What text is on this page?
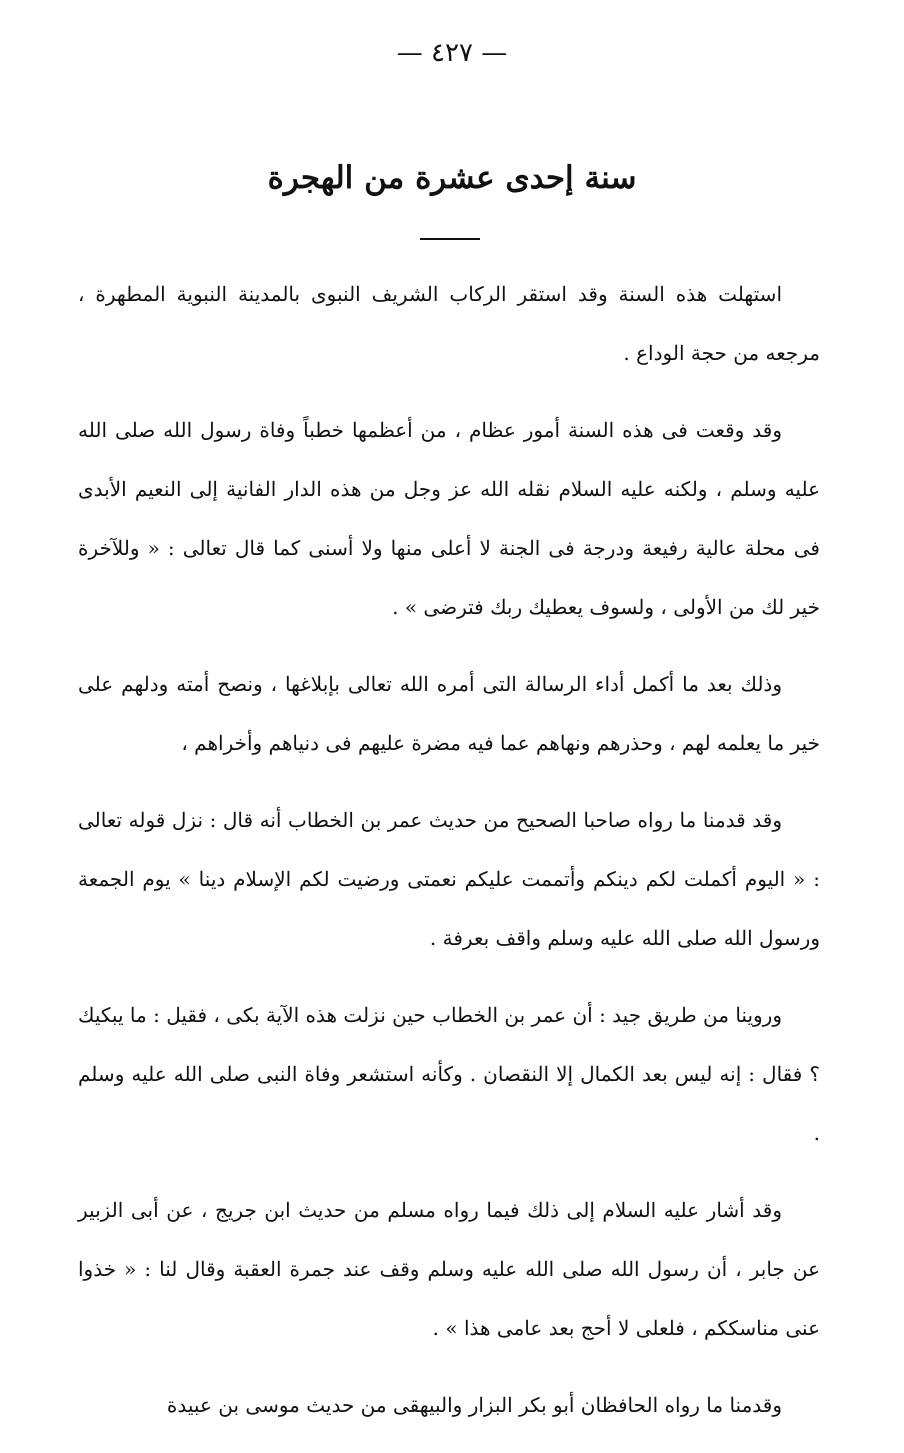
— ٤٢٧ —
سنة إحدى عشرة من الهجرة

استهلت هذه السنة وقد استقر الركاب الشريف النبوى بالمدينة النبوية المطهرة ، مرجعه من حجة الوداع .

وقد وقعت فى هذه السنة أمور عظام ، من أعظمها خطباً وفاة رسول الله صلى الله عليه وسلم ، ولكنه عليه السلام نقله الله عز وجل من هذه الدار الفانية إلى النعيم الأبدى فى محلة عالية رفيعة ودرجة فى الجنة لا أعلى منها ولا أسنى كما قال تعالى : « وللآخرة خير لك من الأولى ، ولسوف يعطيك ربك فترضى » .

وذلك بعد ما أكمل أداء الرسالة التى أمره الله تعالى بإبلاغها ، ونصح أمته ودلهم على خير ما يعلمه لهم ، وحذرهم ونهاهم عما فيه مضرة عليهم فى دنياهم وأخراهم ،

وقد قدمنا ما رواه صاحبا الصحيح من حديث عمر بن الخطاب أنه قال : نزل قوله تعالى : « اليوم أكملت لكم دينكم وأتممت عليكم نعمتى ورضيت لكم الإسلام دينا » يوم الجمعة ورسول الله صلى الله عليه وسلم واقف بعرفة .

وروينا من طريق جيد : أن عمر بن الخطاب حين نزلت هذه الآية بكى ، فقيل : ما يبكيك ؟ فقال : إنه ليس بعد الكمال إلا النقصان . وكأنه استشعر وفاة النبى صلى الله عليه وسلم .

وقد أشار عليه السلام إلى ذلك فيما رواه مسلم من حديث ابن جريج ، عن أبى الزبير عن جابر ، أن رسول الله صلى الله عليه وسلم وقف عند جمرة العقبة وقال لنا : « خذوا عنى مناسككم ، فلعلى لا أحج بعد عامى هذا » .

وقدمنا ما رواه الحافظان أبو بكر البزار والبيهقى من حديث موسى بن عبيدة
